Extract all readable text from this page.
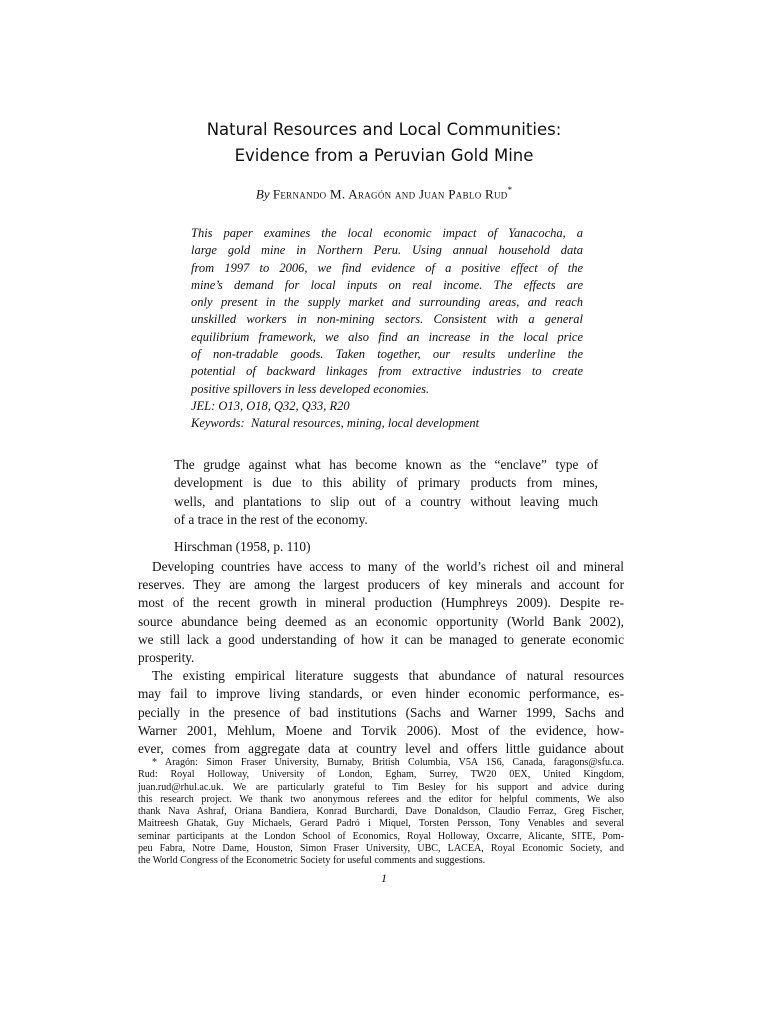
Natural Resources and Local Communities:
Evidence from a Peruvian Gold Mine
By Fernando M. Aragón and Juan Pablo Rud*
This paper examines the local economic impact of Yanacocha, a
large gold mine in Northern Peru. Using annual household data
from 1997 to 2006, we find evidence of a positive effect of the
mine’s demand for local inputs on real income. The effects are
only present in the supply market and surrounding areas, and reach
unskilled workers in non-mining sectors. Consistent with a general
equilibrium framework, we also find an increase in the local price
of non-tradable goods. Taken together, our results underline the
potential of backward linkages from extractive industries to create
positive spillovers in less developed economies.
JEL: O13, O18, Q32, Q33, R20
Keywords:  Natural resources, mining, local development
The grudge against what has become known as the “enclave” type of
development is due to this ability of primary products from mines,
wells, and plantations to slip out of a country without leaving much
of a trace in the rest of the economy.
Hirschman (1958, p. 110)
Developing countries have access to many of the world’s richest oil and mineral
reserves. They are among the largest producers of key minerals and account for
most of the recent growth in mineral production (Humphreys 2009). Despite re-
source abundance being deemed as an economic opportunity (World Bank 2002),
we still lack a good understanding of how it can be managed to generate economic
prosperity.
The existing empirical literature suggests that abundance of natural resources
may fail to improve living standards, or even hinder economic performance, es-
pecially in the presence of bad institutions (Sachs and Warner 1999, Sachs and
Warner 2001, Mehlum, Moene and Torvik 2006). Most of the evidence, how-
ever, comes from aggregate data at country level and offers little guidance about
* Aragón: Simon Fraser University, Burnaby, British Columbia, V5A 1S6, Canada, faragons@sfu.ca.
Rud: Royal Holloway, University of London, Egham, Surrey, TW20 0EX, United Kingdom,
juan.rud@rhul.ac.uk. We are particularly grateful to Tim Besley for his support and advice during
this research project. We thank two anonymous referees and the editor for helpful comments, We also
thank Nava Ashraf, Oriana Bandiera, Konrad Burchardi, Dave Donaldson, Claudio Ferraz, Greg Fischer,
Maitreesh Ghatak, Guy Michaels, Gerard Padró i Miquel, Torsten Persson, Tony Venables and several
seminar participants at the London School of Economics, Royal Holloway, Oxcarre, Alicante, SITE, Pom-
peu Fabra, Notre Dame, Houston, Simon Fraser University, UBC, LACEA, Royal Economic Society, and
the World Congress of the Econometric Society for useful comments and suggestions.
1
